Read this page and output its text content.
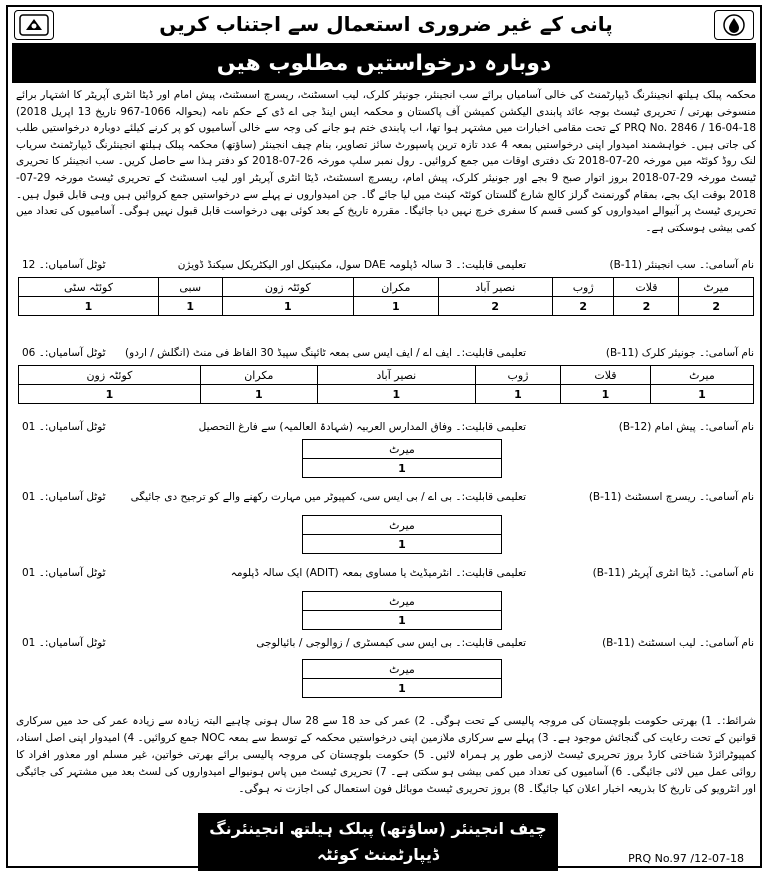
پانی کے غیر ضروری استعمال سے اجتناب کریں
دوبارہ درخواستیں مطلوب ھیں
محکمہ پبلک ہیلتھ انجینئرنگ ڈیپارٹمنٹ کی خالی آسامیاں برائے سب انجینئر، جونیئر کلرک، لیب اسسٹنٹ، ریسرچ اسسٹنٹ، پیش امام اور ڈیٹا انٹری آپریٹر کا اشتہار برائے منسوخی بھرتی / تحریری ٹیسٹ بوجہ عائد پابندی الیکشن کمیشن آف پاکستان و محکمہ ایس اینڈ جی اے ڈی کے حکم نامہ (بحوالہ 1066-967 تاریخ 13 اپریل 2018) PRQ No. 2846 / 16-04-18 کے تحت مقامی اخبارات میں مشتہر ہوا تھا، اب پابندی ختم ہو جانے کی وجہ سے خالی آسامیوں کو پر کرنے کیلئے دوبارہ درخواستیں طلب کی جاتی ہیں۔ خواہشمند امیدوار اپنی درخواستیں بمعہ 4 عدد تازہ ترین پاسپورٹ سائز تصاویر، بنام چیف انجینئر (ساؤتھ) محکمہ پبلک ہیلتھ انجینئرنگ ڈیپارٹمنٹ سریاب لنک روڈ کوئٹہ میں مورخہ 20-07-2018 تک دفتری اوقات میں جمع کروائیں۔ رول نمبر سلپ مورخہ 26-07-2018 کو دفتر ہذا سے حاصل کریں۔ سب انجینئر کا تحریری ٹیسٹ مورخہ 29-07-2018 بروز اتوار صبح 9 بجے اور جونیئر کلرک، پیش امام، ریسرچ اسسٹنٹ، ڈیٹا انٹری آپریٹر اور لیب اسسٹنٹ کے تحریری ٹیسٹ مورخہ 29-07-2018 بوقت ایک بجے، بمقام گورنمنٹ گرلز کالج شارع گلستان کوئٹہ کینٹ میں لیا جائے گا۔ جن امیدواروں نے پہلے سے درخواستیں جمع کروائیں ہیں وہی قابل قبول ہیں۔ تحریری ٹیسٹ پر آنیوالے امیدواروں کو کسی قسم کا سفری خرچ نہیں دیا جائیگا۔ مقررہ تاریخ کے بعد کوئی بھی درخواست قابل قبول نہیں ہوگی۔ آسامیوں کی تعداد میں کمی بیشی ہوسکتی ہے۔
نام آسامی:۔ سب انجینئر (B-11)
تعلیمی قابلیت:۔ 3 سالہ ڈپلومہ DAE سول، مکینیکل اور الیکٹریکل سیکنڈ ڈویژن
ٹوٹل آسامیاں:۔ 12
میرٹ	قلات	ژوب	نصیر آباد	مکران	کوئٹہ زون	سبی	کوئٹہ سٹی
2	2	2	2	1	1	1	1
نام آسامی:۔ جونیئر کلرک (B-11)
تعلیمی قابلیت:۔ ایف اے / ایف ایس سی بمعہ ٹائپنگ سپیڈ 30 الفاظ فی منٹ (انگلش / اردو)
ٹوٹل آسامیاں:۔ 06
میرٹ	قلات	ژوب	نصیر آباد	مکران	کوئٹہ زون
1	1	1	1	1	1
نام آسامی:۔ پیش امام (B-12)
تعلیمی قابلیت:۔ وفاق المدارس العربیہ (شہادۃ العالمیہ) سے فارغ التحصیل
ٹوٹل آسامیاں:۔ 01
میرٹ
1
نام آسامی:۔ ریسرچ اسسٹنٹ (B-11)
تعلیمی قابلیت:۔ بی اے / بی ایس سی، کمپیوٹر میں مہارت رکھنے والے کو ترجیح دی جائیگی
ٹوٹل آسامیاں:۔ 01
میرٹ
1
نام آسامی:۔ ڈیٹا انٹری آپریٹر (B-11)
تعلیمی قابلیت:۔ انٹرمیڈیٹ یا مساوی بمعہ (ADIT) ایک سالہ ڈپلومہ
ٹوٹل آسامیاں:۔ 01
میرٹ
1
نام آسامی:۔ لیب اسسٹنٹ (B-11)
تعلیمی قابلیت:۔ بی ایس سی کیمسٹری / زوالوجی / بائیالوجی
ٹوٹل آسامیاں:۔ 01
میرٹ
1
شرائط:۔ 1) بھرتی حکومت بلوچستان کی مروجہ پالیسی کے تحت ہوگی۔ 2) عمر کی حد 18 سے 28 سال ہونی چاہیے البتہ زیادہ سے زیادہ عمر کی حد میں سرکاری قوانین کے تحت رعایت کی گنجائش موجود ہے۔ 3) پہلے سے سرکاری ملازمین اپنی درخواستیں محکمہ کے توسط سے بمعہ NOC جمع کروائیں۔ 4) امیدوار اپنی اصل اسناد، کمپیوٹرائزڈ شناختی کارڈ بروز تحریری ٹیسٹ لازمی طور پر ہمراہ لائیں۔ 5) حکومت بلوچستان کی مروجہ پالیسی برائے بھرتی خواتین، غیر مسلم اور معذور افراد کا روائی عمل میں لائی جائیگی۔ 6) آسامیوں کی تعداد میں کمی بیشی ہو سکتی ہے۔ 7) تحریری ٹیسٹ میں پاس ہونیوالے امیدواروں کی لسٹ بعد میں مشتہر کی جائیگی اور انٹرویو کی تاریخ کا بذریعہ اخبار اعلان کیا جائیگا۔ 8) بروز تحریری ٹیسٹ موبائل فون استعمال کی اجازت نہ ہوگی۔
چیف انجینئر (ساؤتھ) پبلک ہیلتھ انجینئرنگ
ڈیپارٹمنٹ کوئٹہ	PRQ No.97 /12-07-18
